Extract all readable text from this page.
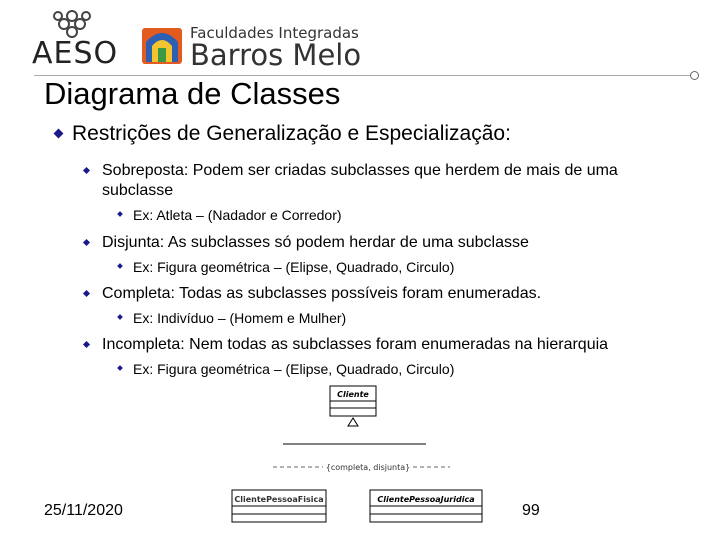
AESO
Faculdades Integradas
Barros Melo
Diagrama de Classes
Restrições de Generalização e Especialização:
Sobreposta: Podem ser criadas subclasses que herdem de mais de uma
subclasse
Ex: Atleta – (Nadador e Corredor)
Disjunta: As subclasses só podem herdar de uma subclasse
Ex: Figura geométrica – (Elipse, Quadrado, Circulo)
Completa: Todas as subclasses possíveis foram enumeradas.
Ex: Indivíduo – (Homem e Mulher)
Incompleta: Nem todas as subclasses foram enumeradas na hierarquia
Ex: Figura geométrica – (Elipse, Quadrado, Circulo)
Cliente
{completa, disjunta}
ClientePessoaFisica	ClientePessoaJuridica
25/11/2020	99
